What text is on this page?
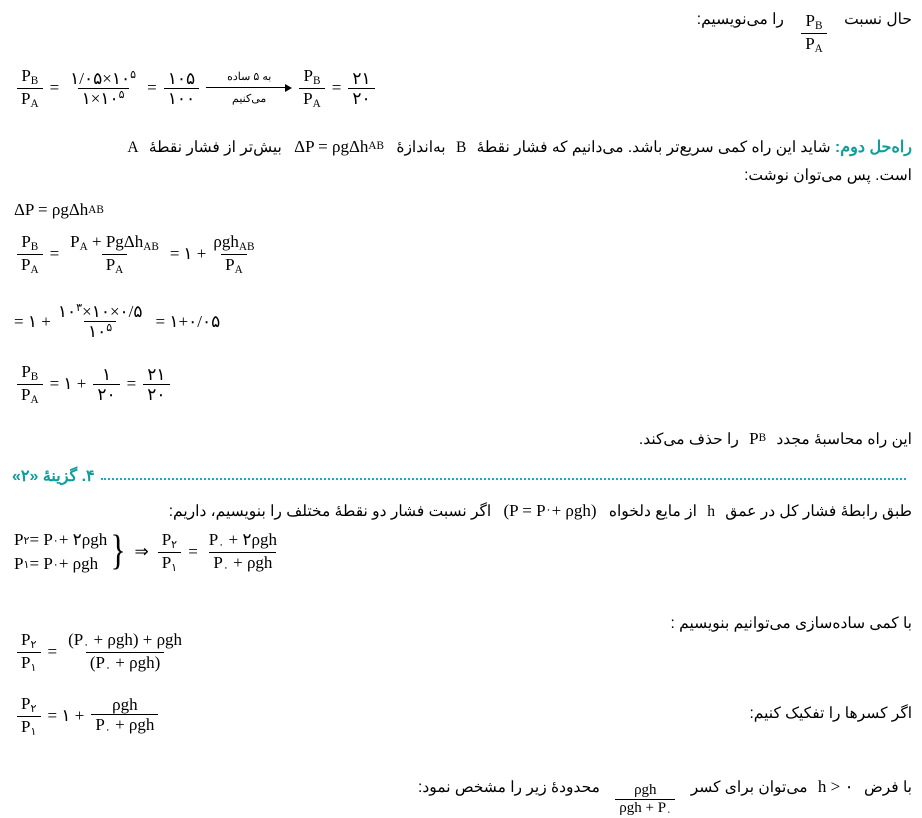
حال نسبت
$\frac{P_B}{P_A}$
را می‌نویسیم:
$\frac{P_B}{P_A} = \frac{۱/۰۵\times ۱۰^۵}{۱\times ۱۰^۵} = \frac{۱۰۵}{۱۰۰}$	به ۵ ساده
می‌کنیم $\frac{P_B}{P_A} = \frac{۲۱}{۲۰}$
راه‌حل دوم: شاید این راه کمی سریع‌تر باشد. می‌دانیم که فشار نقطهٔ B به‌اندازهٔ
ΔP = ρgΔh AB
بیش‌تر از فشار نقطهٔ A
است. پس می‌توان نوشت:
ΔP = ρgΔh AB
$\frac{P_B}{P_A} = \frac{P_A + Pg\Delta h_{AB}}{P_A}$ = ۱ + $\frac{\rho gh_{AB}}{P_A}$
= ۱ + $\frac{۱۰^۳\times ۱۰\times ۰/۵}{۱۰^۵}$ = ۱+۰/۰۵
$\frac{P_B}{P_A}$ = ۱ + $\frac{۱}{۲۰} = \frac{۲۱}{۲۰}$
این راه محاسبهٔ مجدد
P B
را حذف می‌کند.
۴. گزینهٔ «۲»
طبق رابطهٔ فشار کل در عمق h از مایع دلخواه
(P = P ۰ + ρgh)
اگر نسبت فشار دو نقطهٔ مختلف را بنویسیم، داریم:
P ۲ = P ۰ + ۲ρgh
P ۱ = P ۰ + ρgh } ⇒ $\frac{P_۲}{P_۱} = \frac{P_۰ + ۲\rho gh}{P_۰ + \rho gh}$
با کمی ساده‌سازی می‌توانیم بنویسیم :
$\frac{P_۲}{P_۱} = \frac{(P_۰ + \rho gh) + \rho gh}{(P_۰ + \rho gh)}$
$\frac{P_۲}{P_۱}$ = ۱ + $\frac{\text{ρgh}}{P_۰ + \rho gh}$	اگر کسرها را تفکیک کنیم:
با فرض h > ۰ می‌توان برای کسر
$\frac{\text{ρgh}}{\rho gh + P_۰}$
محدودهٔ زیر را مشخص نمود:
